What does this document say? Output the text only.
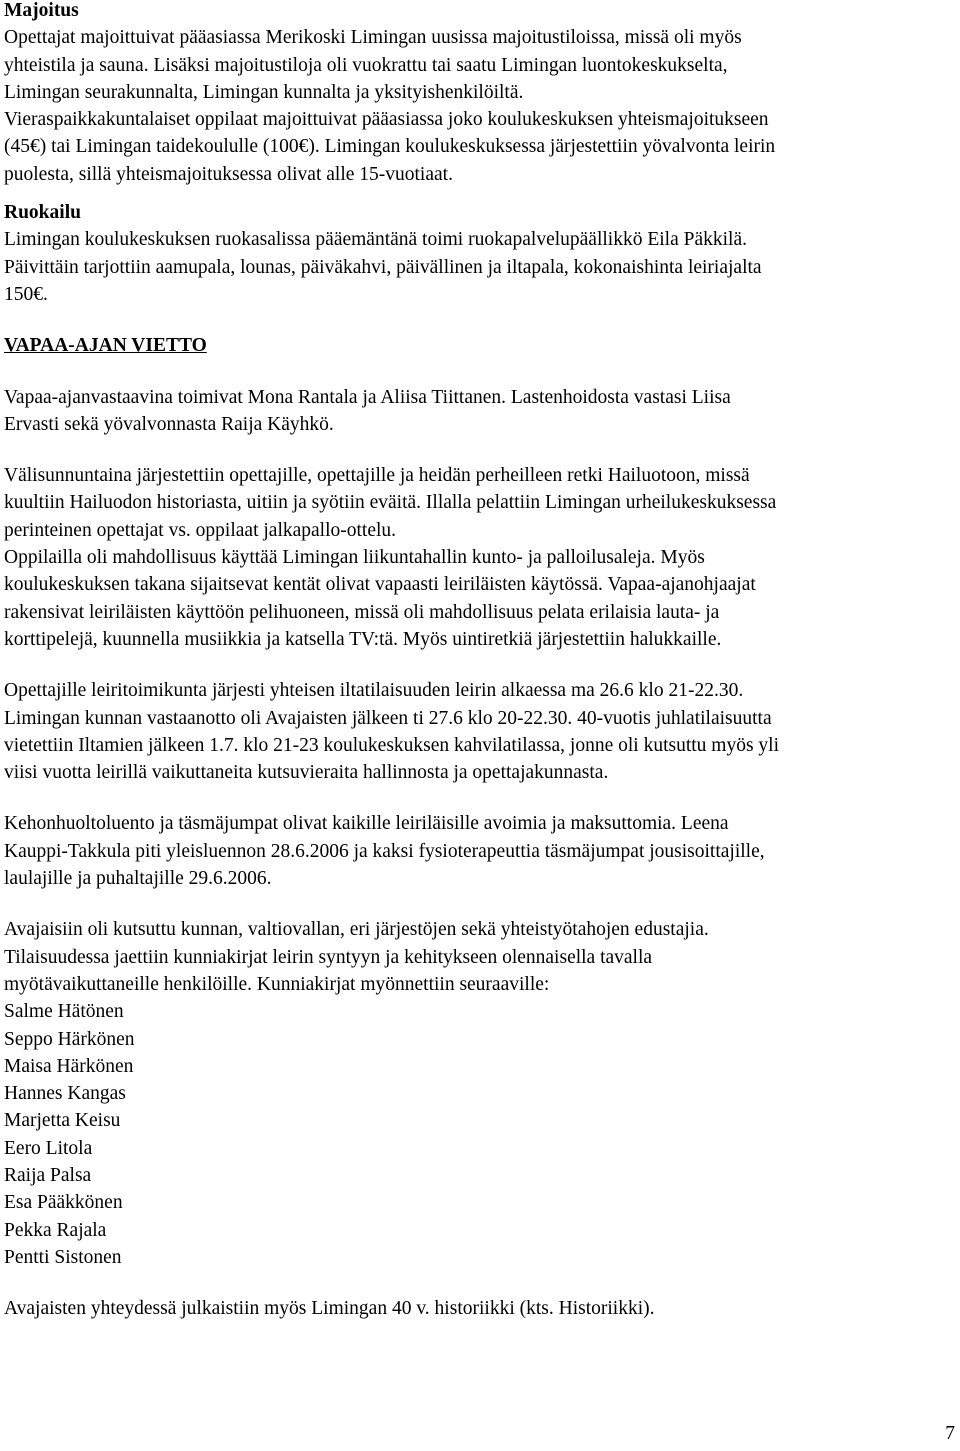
Majoitus
Opettajat majoittuivat pääasiassa Merikoski Limingan uusissa majoitustiloissa, missä oli myös
yhteistila ja sauna. Lisäksi majoitustiloja oli vuokrattu tai saatu Limingan luontokeskukselta,
Limingan seurakunnalta, Limingan kunnalta ja yksityishenkilöiltä.
Vieraspaikkakuntalaiset oppilaat majoittuivat pääasiassa joko koulukeskuksen yhteismajoitukseen
(45€) tai Limingan taidekoululle (100€). Limingan koulukeskuksessa järjestettiin yövalvonta leirin
puolesta, sillä yhteismajoituksessa olivat alle 15-vuotiaat.
Ruokailu
Limingan koulukeskuksen ruokasalissa pääemäntänä toimi ruokapalvelupäällikkö Eila Päkkilä.
Päivittäin tarjottiin aamupala, lounas, päiväkahvi, päivällinen ja iltapala, kokonaishinta leiriajalta
150€.
VAPAA-AJAN VIETTO
Vapaa-ajanvastaavina toimivat Mona Rantala ja Aliisa Tiittanen. Lastenhoidosta vastasi Liisa
Ervasti sekä yövalvonnasta Raija Käyhkö.
Välisunnuntaina järjestettiin opettajille, opettajille ja heidän perheilleen retki Hailuotoon, missä
kuultiin Hailuodon historiasta, uitiin ja syötiin eväitä. Illalla pelattiin Limingan urheilukeskuksessa
perinteinen opettajat vs. oppilaat jalkapallo-ottelu.
Oppilailla oli mahdollisuus käyttää Limingan liikuntahallin kunto- ja palloilusaleja. Myös
koulukeskuksen takana sijaitsevat kentät olivat vapaasti leiriläisten käytössä. Vapaa-ajanohjaajat
rakensivat leiriläisten käyttöön pelihuoneen, missä oli mahdollisuus pelata erilaisia lauta- ja
korttipelejä, kuunnella musiikkia ja katsella TV:tä. Myös uintiretkiä järjestettiin halukkaille.
Opettajille leiritoimikunta järjesti yhteisen iltatilaisuuden leirin alkaessa ma 26.6 klo 21-22.30.
Limingan kunnan vastaanotto oli Avajaisten jälkeen ti 27.6 klo 20-22.30. 40-vuotis juhlatilaisuutta
vietettiin Iltamien jälkeen 1.7. klo 21-23 koulukeskuksen kahvilatilassa, jonne oli kutsuttu myös yli
viisi vuotta leirillä vaikuttaneita kutsuvieraita hallinnosta ja opettajakunnasta.
Kehonhuoltoluento ja täsmäjumpat olivat kaikille leiriläisille avoimia ja maksuttomia. Leena
Kauppi-Takkula piti yleisluennon 28.6.2006 ja kaksi fysioterapeuttia täsmäjumpat jousisoittajille,
laulajille ja puhaltajille 29.6.2006.
Avajaisiin oli kutsuttu kunnan, valtiovallan, eri järjestöjen sekä yhteistyötahojen edustajia.
Tilaisuudessa jaettiin kunniakirjat leirin syntyyn ja kehitykseen olennaisella tavalla
myötävaikuttaneille henkilöille. Kunniakirjat myönnettiin seuraaville:
Salme Hätönen
Seppo Härkönen
Maisa Härkönen
Hannes Kangas
Marjetta Keisu
Eero Litola
Raija Palsa
Esa Pääkkönen
Pekka Rajala
Pentti Sistonen
Avajaisten yhteydessä julkaistiin myös Limingan 40 v. historiikki (kts. Historiikki).
7
